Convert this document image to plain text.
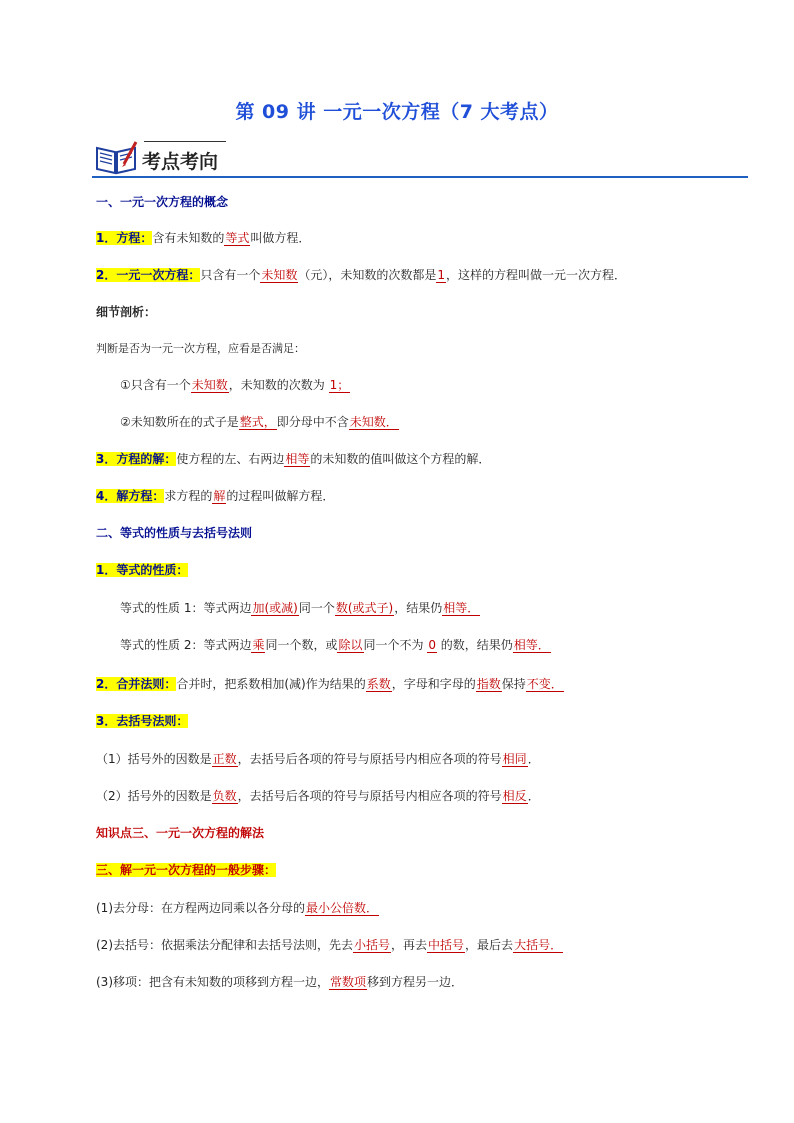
第 09 讲 一元一次方程（7 大考点）
考点考向
一、一元一次方程的概念
1．方程：含有未知数的等式叫做方程．
2．一元一次方程：只含有一个未知数（元），未知数的次数都是1，这样的方程叫做一元一次方程．
细节剖析：
判断是否为一元一次方程，应看是否满足：
①只含有一个未知数，未知数的次数为 1；
②未知数所在的式子是整式，即分母中不含未知数．
3．方程的解：使方程的左、右两边相等的未知数的值叫做这个方程的解．
4．解方程：求方程的解的过程叫做解方程．
二、等式的性质与去括号法则
1．等式的性质：
等式的性质 1：等式两边加(或减)同一个数(或式子)，结果仍相等．
等式的性质 2：等式两边乘同一个数，或除以同一个不为 0 的数，结果仍相等．
2．合并法则：合并时，把系数相加(减)作为结果的系数，字母和字母的指数保持不变．
3．去括号法则：
（1）括号外的因数是正数，去括号后各项的符号与原括号内相应各项的符号相同．
（2）括号外的因数是负数，去括号后各项的符号与原括号内相应各项的符号相反．
知识点三、一元一次方程的解法
三、解一元一次方程的一般步骤：
(1)去分母：在方程两边同乘以各分母的最小公倍数．
(2)去括号：依据乘法分配律和去括号法则，先去小括号，再去中括号，最后去大括号．
(3)移项：把含有未知数的项移到方程一边，常数项移到方程另一边．
